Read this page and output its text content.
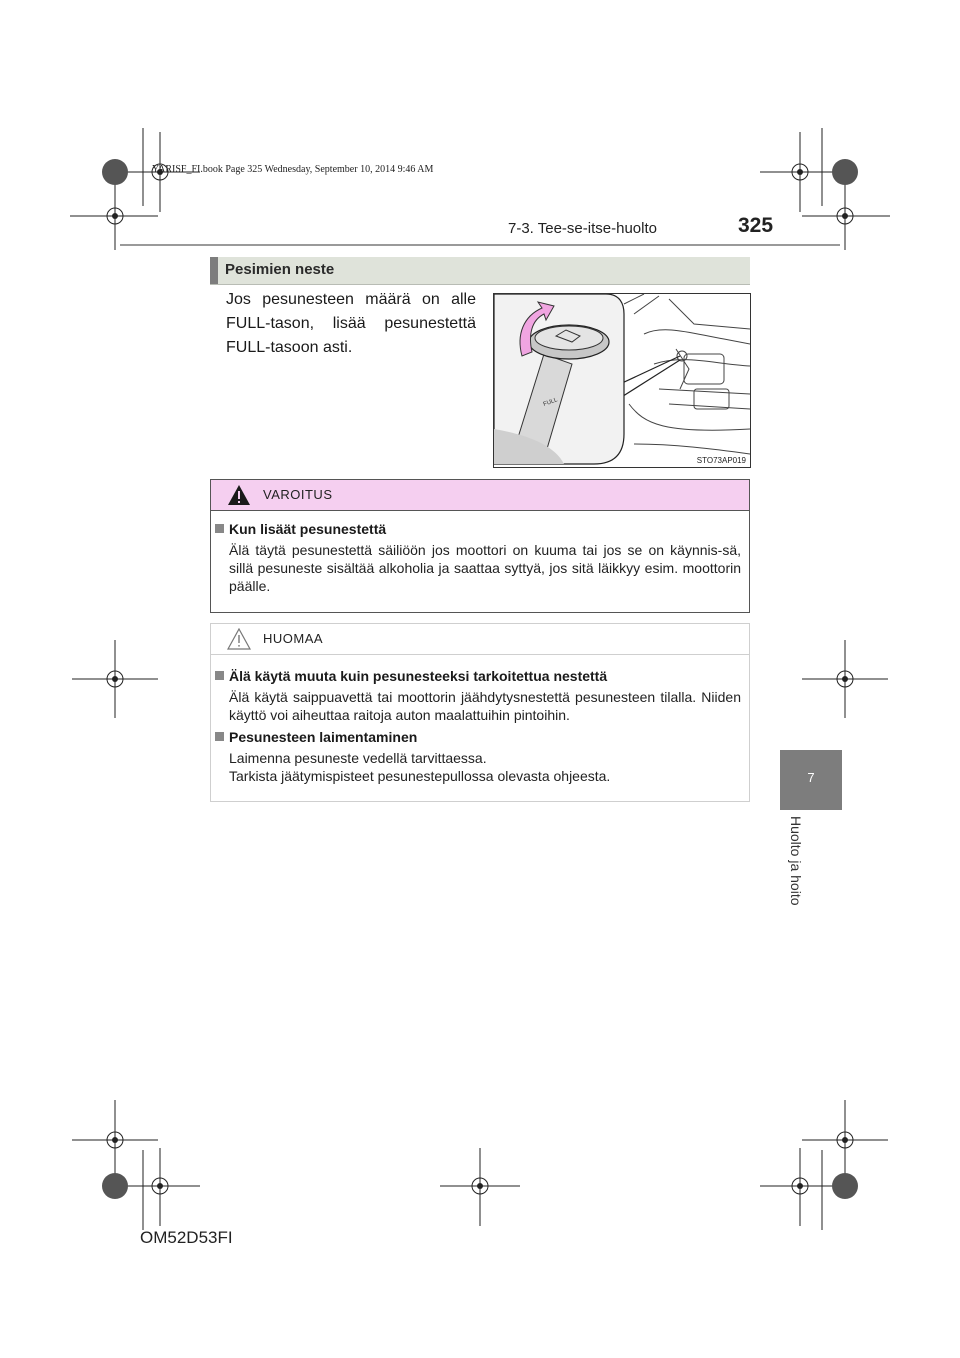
YARISF_FI.book Page 325 Wednesday, September 10, 2014 9:46 AM
7-3. Tee-se-itse-huolto	325
7
Huolto ja hoito
Pesimien neste
Jos pesunesteen määrä on alle FULL-tason, lisää pesunestettä FULL-tasoon asti.
FULL
STO73AP019
VAROITUS
Kun lisäät pesunestettä
Älä täytä pesunestettä säiliöön jos moottori on kuuma tai jos se on käynnis-sä, sillä pesuneste sisältää alkoholia ja saattaa syttyä, jos sitä läikkyy esim. moottorin päälle.
HUOMAA
Älä käytä muuta kuin pesunesteeksi tarkoitettua nestettä
Älä käytä saippuavettä tai moottorin jäähdytysnestettä pesunesteen tilalla. Niiden käyttö voi aiheuttaa raitoja auton maalattuihin pintoihin.
Pesunesteen laimentaminen
Laimenna pesuneste vedellä tarvittaessa.
Tarkista jäätymispisteet pesunestepullossa olevasta ohjeesta.
OM52D53FI
